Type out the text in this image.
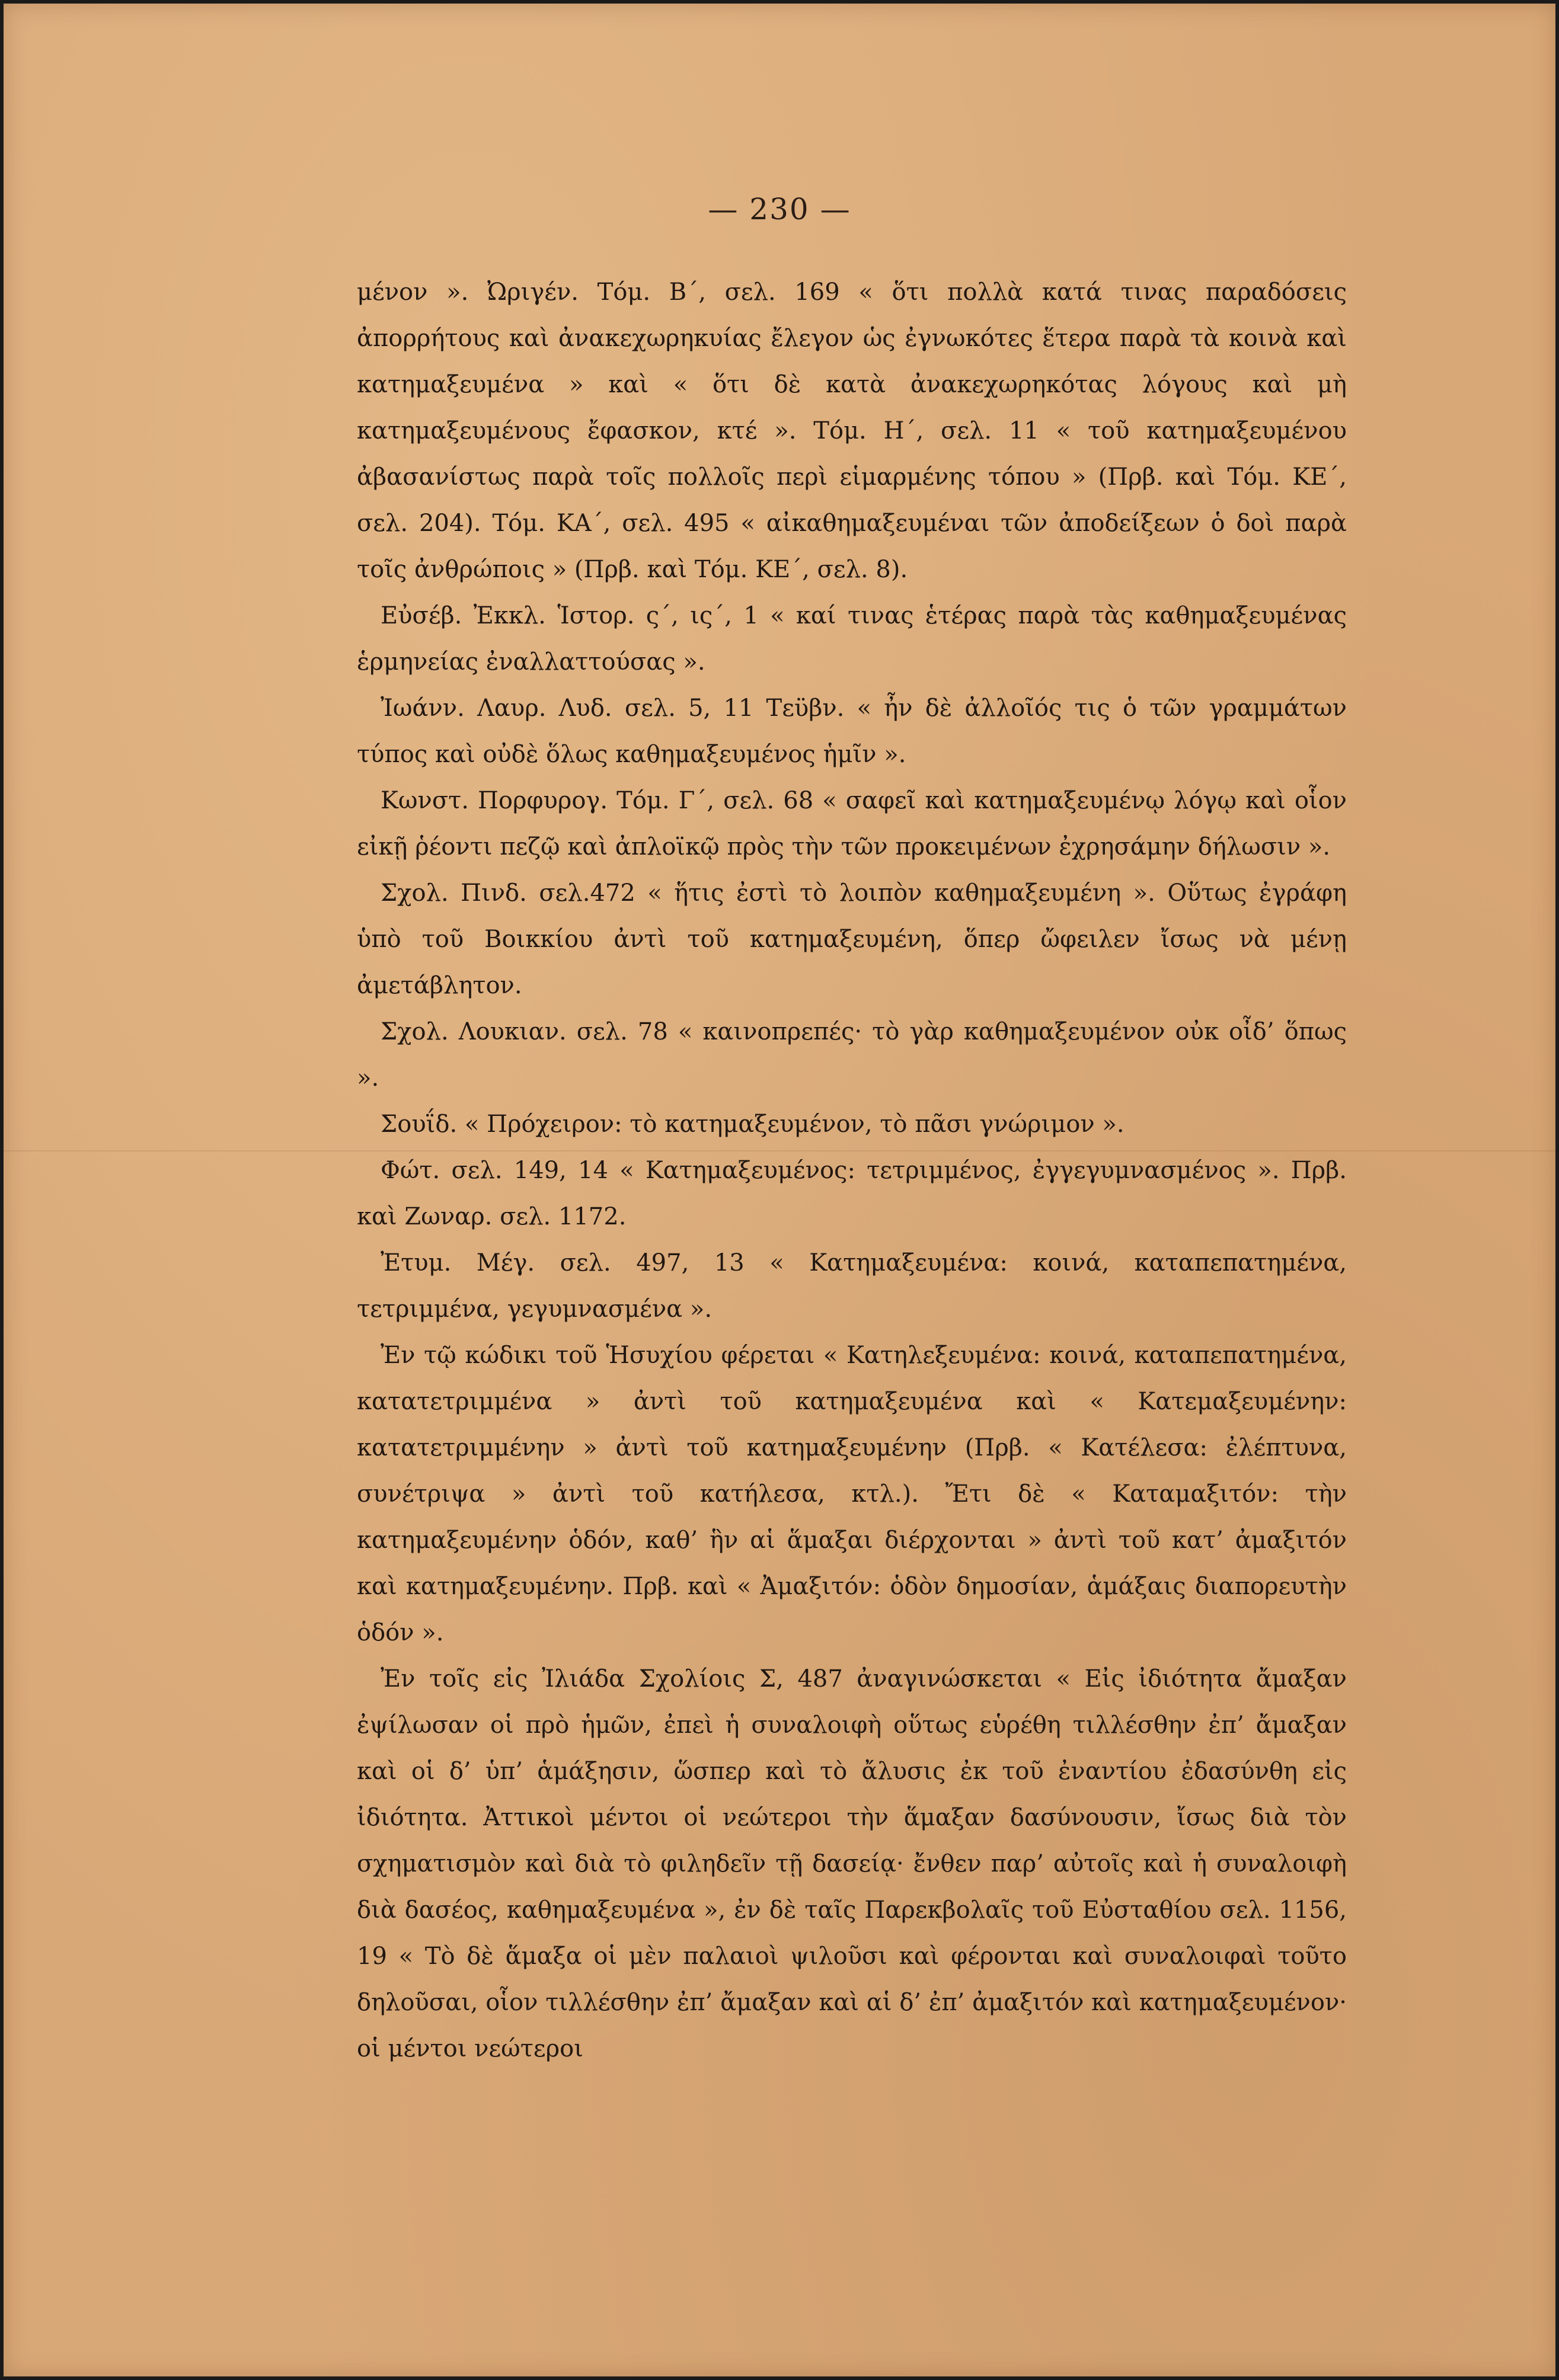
— 230 —

μένον ». Ὠριγέν. Τόμ. Β΄, σελ. 169 « ὅτι πολλὰ κατά τινας παραδόσεις ἀπορρήτους καὶ ἀνακεχωρηκυίας ἔλεγον ὡς ἐγνωκότες ἕτερα παρὰ τὰ κοινὰ καὶ κατημαξευμένα » καὶ « ὅτι δὲ κατὰ ἀνακεχωρηκότας λόγους καὶ μὴ κατημαξευμένους ἔφασκον, κτέ ». Τόμ. Η΄, σελ. 11 « τοῦ κατημαξευμένου ἀβασανίστως παρὰ τοῖς πολλοῖς περὶ εἱμαρμένης τόπου » (Πρβ. καὶ Τόμ. ΚΕ΄, σελ. 204). Τόμ. ΚΑ΄, σελ. 495 « αἰκαθημαξευμέναι τῶν ἀποδείξεων ὁ δοὶ παρὰ τοῖς ἀνθρώποις » (Πρβ. καὶ Τόμ. ΚΕ΄, σελ. 8).

Εὐσέβ. Ἐκκλ. Ἱστορ. ς΄, ις΄, 1 « καί τινας ἑτέρας παρὰ τὰς καθημαξευμένας ἑρμηνείας ἐναλλαττούσας ».

Ἰωάνν. Λαυρ. Λυδ. σελ. 5, 11 Τεϋβν. « ἦν δὲ ἀλλοῖός τις ὁ τῶν γραμμάτων τύπος καὶ οὐδὲ ὅλως καθημαξευμένος ἡμῖν ».

Κωνστ. Πορφυρογ. Τόμ. Γ΄, σελ. 68 « σαφεῖ καὶ κατημαξευμένῳ λόγῳ καὶ οἷον εἰκῇ ῥέοντι πεζῷ καὶ ἀπλοϊκῷ πρὸς τὴν τῶν προκειμένων ἐχρησάμην δήλωσιν ».

Σχολ. Πινδ. σελ.472 « ἥτις ἐστὶ τὸ λοιπὸν καθημαξευμένη ». Οὕτως ἐγράφη ὑπὸ τοῦ Βοικκίου ἀντὶ τοῦ κατημαξευμένη, ὅπερ ὤφειλεν ἴσως νὰ μένῃ ἀμετάβλητον.

Σχολ. Λουκιαν. σελ. 78 « καινοπρεπές· τὸ γὰρ καθημαξευμένον οὐκ οἶδ’ ὅπως ».

Σουΐδ. « Πρόχειρον: τὸ κατημαξευμένον, τὸ πᾶσι γνώριμον ».

Φώτ. σελ. 149, 14 « Κατημαξευμένος: τετριμμένος, ἐγγεγυμνασμένος ». Πρβ. καὶ Ζωναρ. σελ. 1172.

Ἐτυμ. Μέγ. σελ. 497, 13 « Κατημαξευμένα: κοινά, καταπεπατημένα, τετριμμένα, γεγυμνασμένα ».

Ἐν τῷ κώδικι τοῦ Ἡσυχίου φέρεται « Κατηλεξευμένα: κοινά, καταπεπατημένα, κατατετριμμένα » ἀντὶ τοῦ κατημαξευμένα καὶ « Κατεμαξευμένην: κατατετριμμένην » ἀντὶ τοῦ κατημαξευμένην (Πρβ. « Κατέλεσα: ἐλέπτυνα, συνέτριψα » ἀντὶ τοῦ κατήλεσα, κτλ.). Ἔτι δὲ « Καταμαξιτόν: τὴν κατημαξευμένην ὁδόν, καθ’ ἣν αἱ ἅμαξαι διέρχονται » ἀντὶ τοῦ κατ’ ἀμαξιτόν καὶ κατημαξευμένην. Πρβ. καὶ « Ἀμαξιτόν: ὁδὸν δημοσίαν, ἁμάξαις διαπορευτὴν ὁδόν ».

Ἐν τοῖς εἰς Ἰλιάδα Σχολίοις Σ, 487 ἀναγινώσκεται « Εἰς ἰδιότητα ἄμαξαν ἐψίλωσαν οἱ πρὸ ἡμῶν, ἐπεὶ ἡ συναλοιφὴ οὕτως εὑρέθη τιλλέσθην ἐπ’ ἄμαξαν καὶ οἱ δ’ ὑπ’ ἁμάξησιν, ὥσπερ καὶ τὸ ἄλυσις ἐκ τοῦ ἐναντίου ἐδασύνθη εἰς ἰδιότητα. Ἀττικοὶ μέντοι οἱ νεώτεροι τὴν ἅμαξαν δασύνουσιν, ἴσως διὰ τὸν σχηματισμὸν καὶ διὰ τὸ φιληδεῖν τῇ δασείᾳ· ἔνθεν παρ’ αὐτοῖς καὶ ἡ συναλοιφὴ διὰ δασέος, καθημαξευμένα », ἐν δὲ ταῖς Παρεκβολαῖς τοῦ Εὐσταθίου σελ. 1156, 19 « Τὸ δὲ ἅμαξα οἱ μὲν παλαιοὶ ψιλοῦσι καὶ φέρονται καὶ συναλοιφαὶ τοῦτο δηλοῦσαι, οἷον τιλλέσθην ἐπ’ ἄμαξαν καὶ αἱ δ’ ἐπ’ ἀμαξιτόν καὶ κατημαξευμένον· οἱ μέντοι νεώτεροι
